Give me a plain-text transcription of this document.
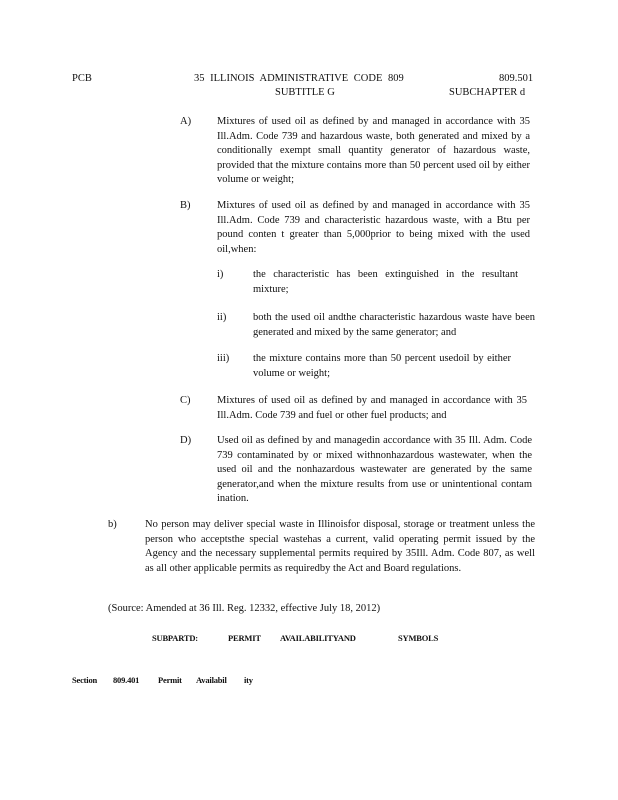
PCB	35 ILLINOIS ADMINISTRATIVE CODE 809
SUBTITLE G
809.501
SUBCHAPTER d
A) Mixtures of used oil as defined by and managed in accordance with 35 Ill.Adm. Code 739 and hazardous waste, both generated and mixed by a conditionally exempt small quantity generator of hazardous waste, provided that the mixture contains more than 50 percent used oil by either volume or weight;
B)	Mixtures of used oil as defined by and managed in accordance with 35 Ill.Adm. Code 739 and characteristic hazardous waste, with a Btu per pound conten t greater than 5,000prior to being mixed with the used oil,when:
i)	the characteristic has been extinguished in the resultant mixture;
ii)	both the used oil andthe characteristic hazardous waste have been generated and mixed by the same generator; and
iii) the mixture contains more than 50 percent usedoil by either volume or weight;
C)	Mixtures of used oil as defined by and managed in accordance with 35 Ill.Adm. Code 739 and fuel or other fuel products; and
D) Used oil as defined by and managedin accordance with 35 Ill. Adm. Code 739 contaminated by or mixed withnonhazardous wastewater, when the used oil and the nonhazardous wastewater are generated by the same generator,and when the mixture results from use or unintentional contam ination.
b)	No person may deliver special waste in Illinoisfor disposal, storage or treatment unless the person who acceptsthe special wastehas a current, valid operating permit issued by the Agency and the necessary supplemental permits required by 35Ill. Adm. Code 807, as well as all other applicable permits as requiredby the Act and Board regulations.
(Source: Amended at 36 Ill. Reg. 12332, effective July 18, 2012)
SUBPARTD:	PERMIT AVAILABILITYAND	SYMBOLS
Section 809.401 Permit Availabil ity
